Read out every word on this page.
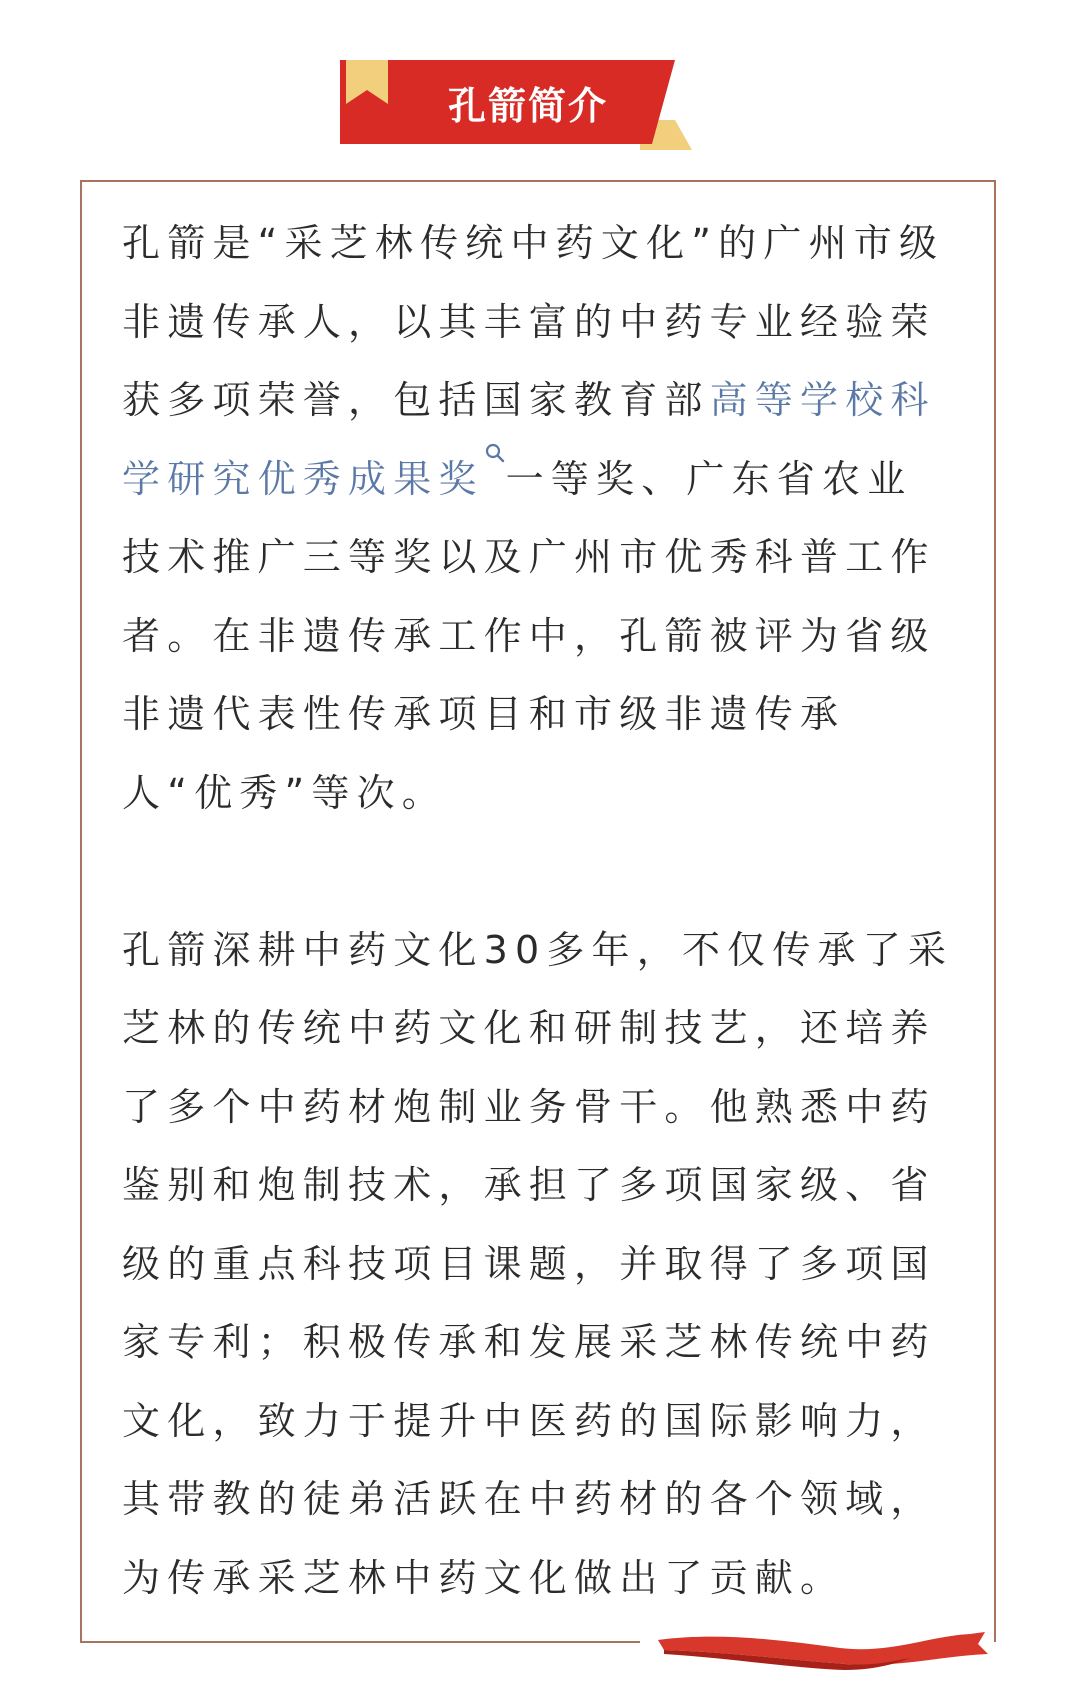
孔箭简介

孔箭是“采芝林传统中药文化”的广州市级非遗传承人，以其丰富的中药专业经验荣获多项荣誉，包括国家教育部高等学校科学研究优秀成果奖 一等奖、广东省农业技术推广三等奖以及广州市优秀科普工作者。在非遗传承工作中，孔箭被评为省级非遗代表性传承项目和市级非遗传承人“优秀”等次。

孔箭深耕中药文化30多年，不仅传承了采芝林的传统中药文化和研制技艺，还培养了多个中药材炮制业务骨干。他熟悉中药鉴别和炮制技术，承担了多项国家级、省级的重点科技项目课题，并取得了多项国家专利；积极传承和发展采芝林传统中药文化，致力于提升中医药的国际影响力，其带教的徒弟活跃在中药材的各个领域，为传承采芝林中药文化做出了贡献。
